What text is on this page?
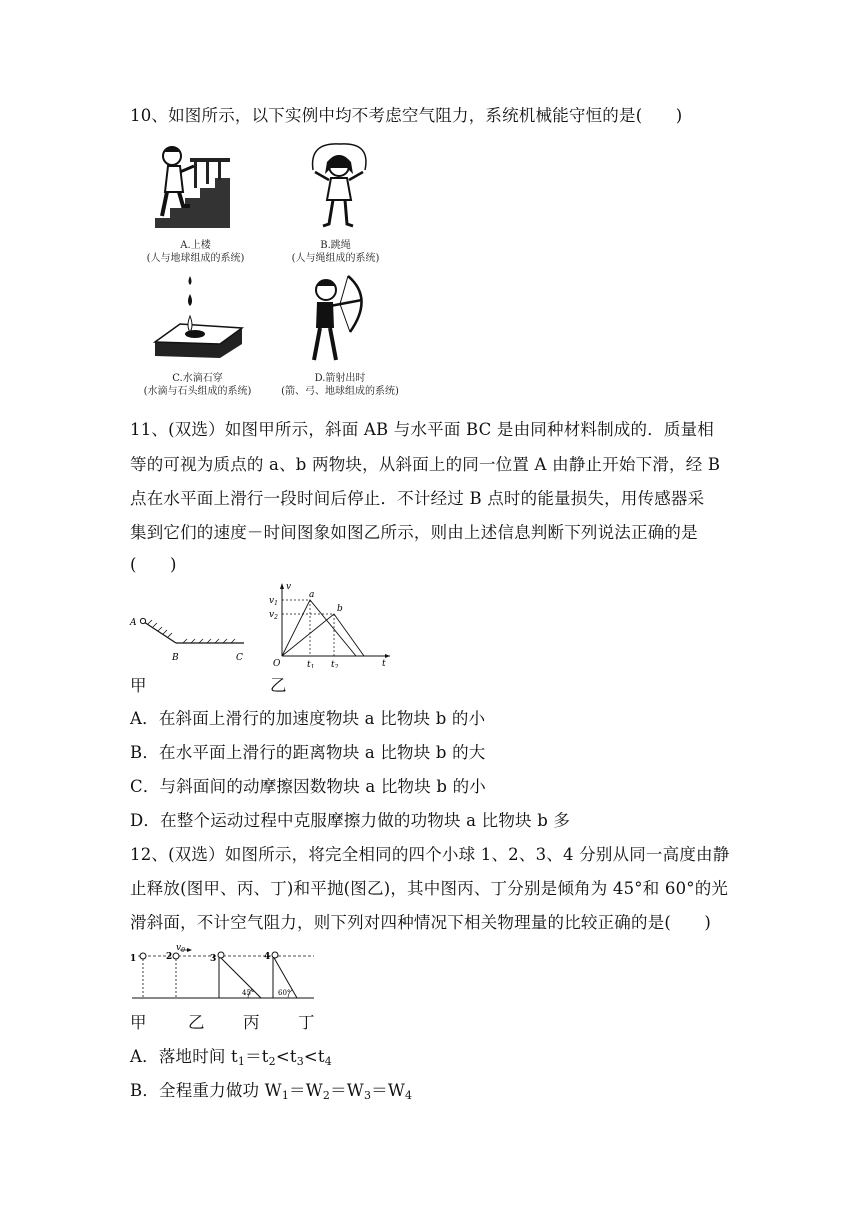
10、如图所示，以下实例中均不考虑空气阻力，系统机械能守恒的是(　　)
A.上楼
(人与地球组成的系统)
B.跳绳
(人与绳组成的系统)
C.水滴石穿
(水滴与石头组成的系统)
D.箭射出时
(箭、弓、地球组成的系统)
11、(双选）如图甲所示，斜面 AB 与水平面 BC 是由同种材料制成的．质量相
等的可视为质点的 a、b 两物块，从斜面上的同一位置 A 由静止开始下滑，经 B
点在水平面上滑行一段时间后停止．不计经过 B 点时的能量损失，用传感器采
集到它们的速度－时间图象如图乙所示，则由上述信息判断下列说法正确的是
(　　)
A
B	C
v
$v_1$
$v_2$
a
b
O	$t_1$ $t_2$	t
甲	乙
A．在斜面上滑行的加速度物块 a 比物块 b 的小
B．在水平面上滑行的距离物块 a 比物块 b 的大
C．与斜面间的动摩擦因数物块 a 比物块 b 的小
D．在整个运动过程中克服摩擦力做的功物块 a 比物块 b 多
12、(双选）如图所示，将完全相同的四个小球 1、2、3、4 分别从同一高度由静
止释放(图甲、丙、丁)和平抛(图乙)，其中图丙、丁分别是倾角为 45°和 60°的光
滑斜面，不计空气阻力，则下列对四种情况下相关物理量的比较正确的是(　　)
1	2	3	4
$v_0$
45°	60°
甲	乙 丙 丁
A．落地时间 $t_1=t_2<t_3<t_4$
B．全程重力做功 $W_1=W_2=W_3=W_4$
